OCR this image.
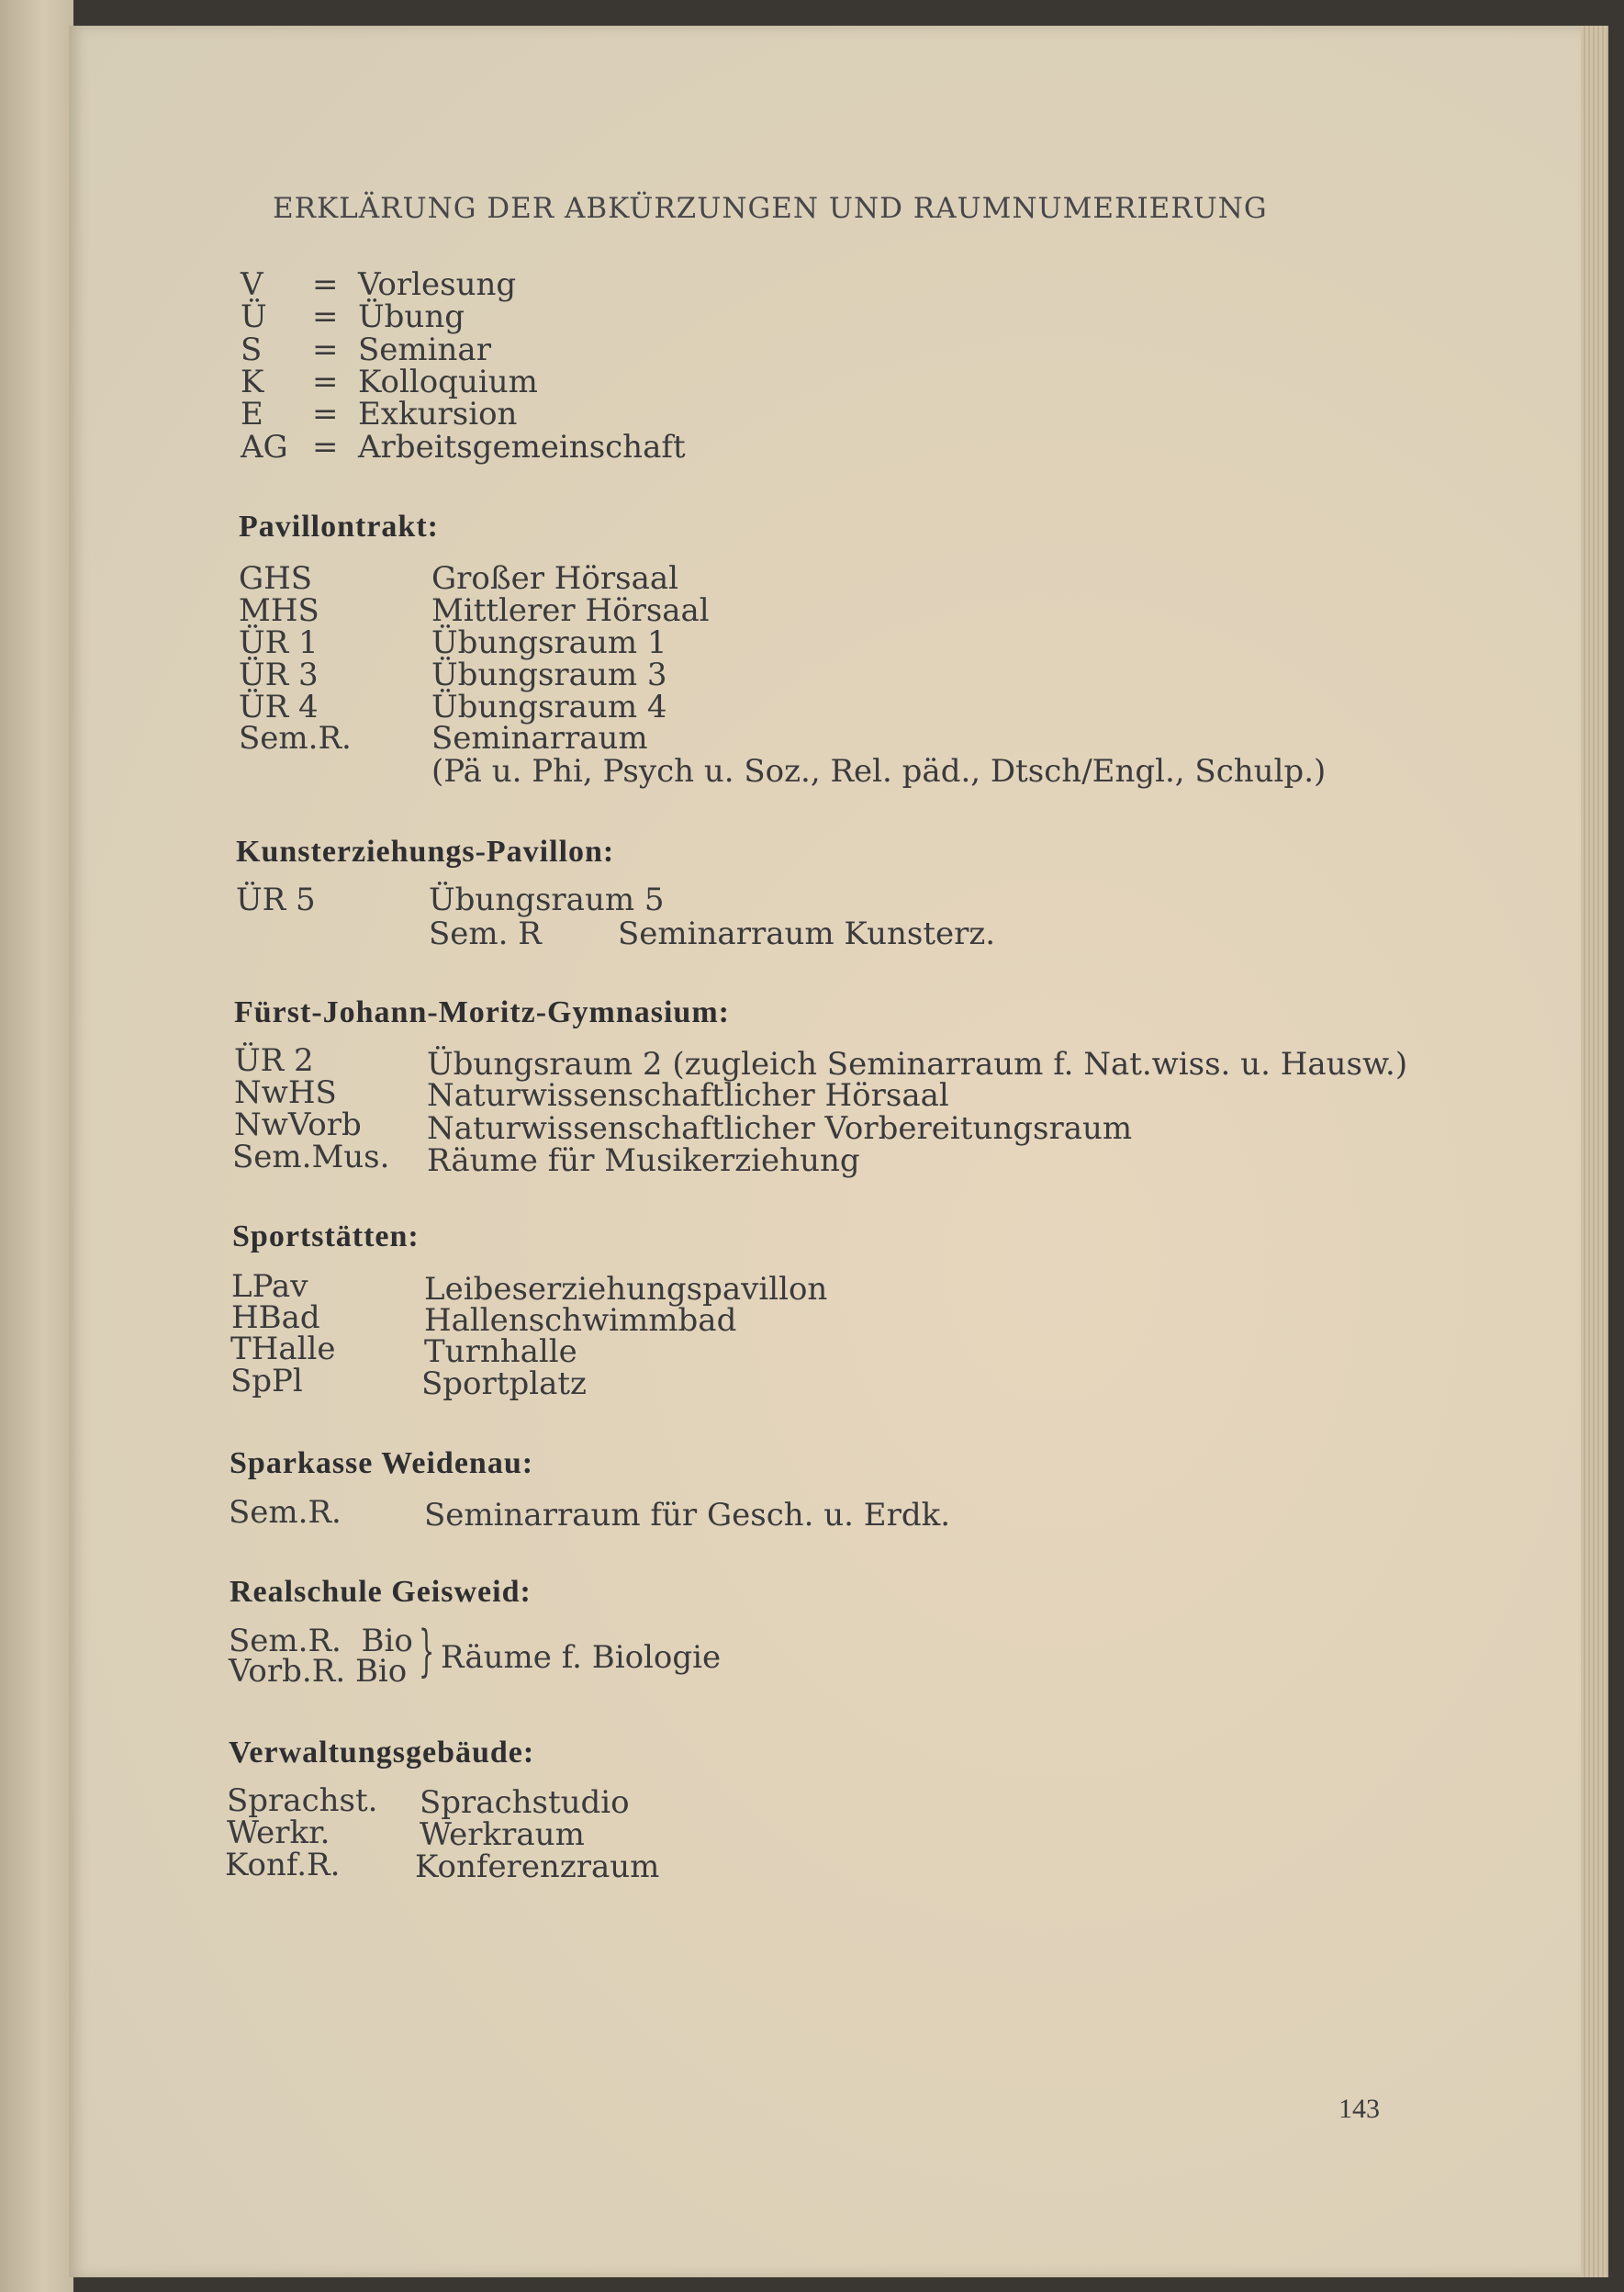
ERKLÄRUNG DER ABKÜRZUNGEN UND RAUMNUMERIERUNG
V = Vorlesung
Ü = Übung
S = Seminar
K = Kolloquium
E = Exkursion
AG = Arbeitsgemeinschaft
Pavillontrakt:
GHS	Großer Hörsaal
MHS	Mittlerer Hörsaal
ÜR 1	Übungsraum 1
ÜR 3	Übungsraum 3
ÜR 4	Übungsraum 4
Sem.R.	Seminarraum
(Pä u. Phi, Psych u. Soz., Rel. päd., Dtsch/Engl., Schulp.)
Kunsterziehungs-Pavillon:
ÜR 5	Übungsraum 5
Sem. R Seminarraum Kunsterz.
Fürst-Johann-Moritz-Gymnasium:
ÜR 2	Übungsraum 2 (zugleich Seminarraum f. Nat.wiss. u. Hausw.)
NwHS	Naturwissenschaftlicher Hörsaal
NwVorb Naturwissenschaftlicher Vorbereitungsraum
Sem.Mus. Räume für Musikerziehung
Sportstätten:
LPav	Leibeserziehungspavillon
HBad	Hallenschwimmbad
THalle	Turnhalle
SpPl	Sportplatz
Sparkasse Weidenau:
Sem.R.	Seminarraum für Gesch. u. Erdk.
Realschule Geisweid:
Sem.R.  Bio
Vorb.R. Bio } Räume f. Biologie
Verwaltungsgebäude:
Sprachst. Sprachstudio
Werkr.	Werkraum
Konf.R. Konferenzraum
143
